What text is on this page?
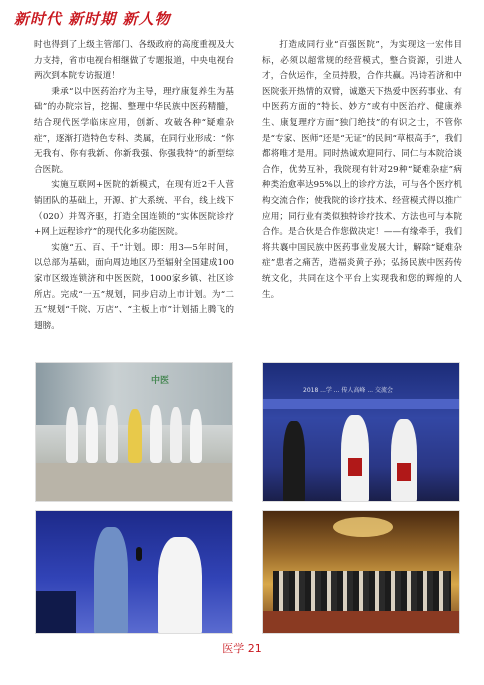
新时代 新时期 新人物

时也得到了上级主管部门、各级政府的高度重视及大力支持，省市电视台相继做了专题报道，中央电视台两次到本院专访报道！

秉承“以中医药治疗为主导，理疗康复养生为基础”的办院宗旨，挖掘、整理中华民族中医药精髓，结合现代医学临床应用，创新、攻破各种“疑难杂症”，逐渐打造特色专科、类属，在同行业形成：“你无我有、你有我新、你新我强、你强我特”的新型综合医院。

实施互联网+医院的新模式，在现有近2千人营销团队的基础上，开源、扩大系统、平台，线上线下（020）并驾齐驱，打造全国连锁的“实体医院诊疗+网上远程诊疗”的现代化多功能医院。

实施“五、百、千”计划。即：用3—5年时间，以总部为基础，面向周边地区乃至辐射全国建成100家市区级连锁济和中医医院，1000家乡镇、社区诊所店。完成“一五”规划，同步启动上市计划。为“二五”规划“千院、万店”、“主板上市”计划插上腾飞的翅膀。

打造成同行业“百强医院”，为实现这一宏伟目标，必须以超常规的经营模式，整合资源，引进人才，合伙运作，全员持股，合作共赢。冯诗若济和中医院张开热情的双臂，诚邀天下热爱中医药事业、有中医药方面的“特长、妙方”或有中医治疗、健康养生、康复理疗方面“独门绝技”的有识之士，不管你是“专家、医师”还是“无证”的民间“草根高手”，我们都将唯才是用。同时热诚欢迎同行、同仁与本院洽谈合作，优势互补，我院现有针对29种“疑难杂症”病种类治愈率达95%以上的诊疗方法，可与各个医疗机构交流合作；使我院的诊疗技术、经营模式得以推广应用；同行业有类似独特诊疗技术、方法也可与本院合作。是合伙是合作您做决定！——有缘牵手，我们将共襄中国民族中医药事业发展大计，解除“疑难杂症”患者之痛苦，造福炎黄子孙；弘扬民族中医药传统文化，共同在这个平台上实现我和您的辉煌的人生。

中医
2018 ...学 ... 传人高峰 ... 交流会
医学 21
